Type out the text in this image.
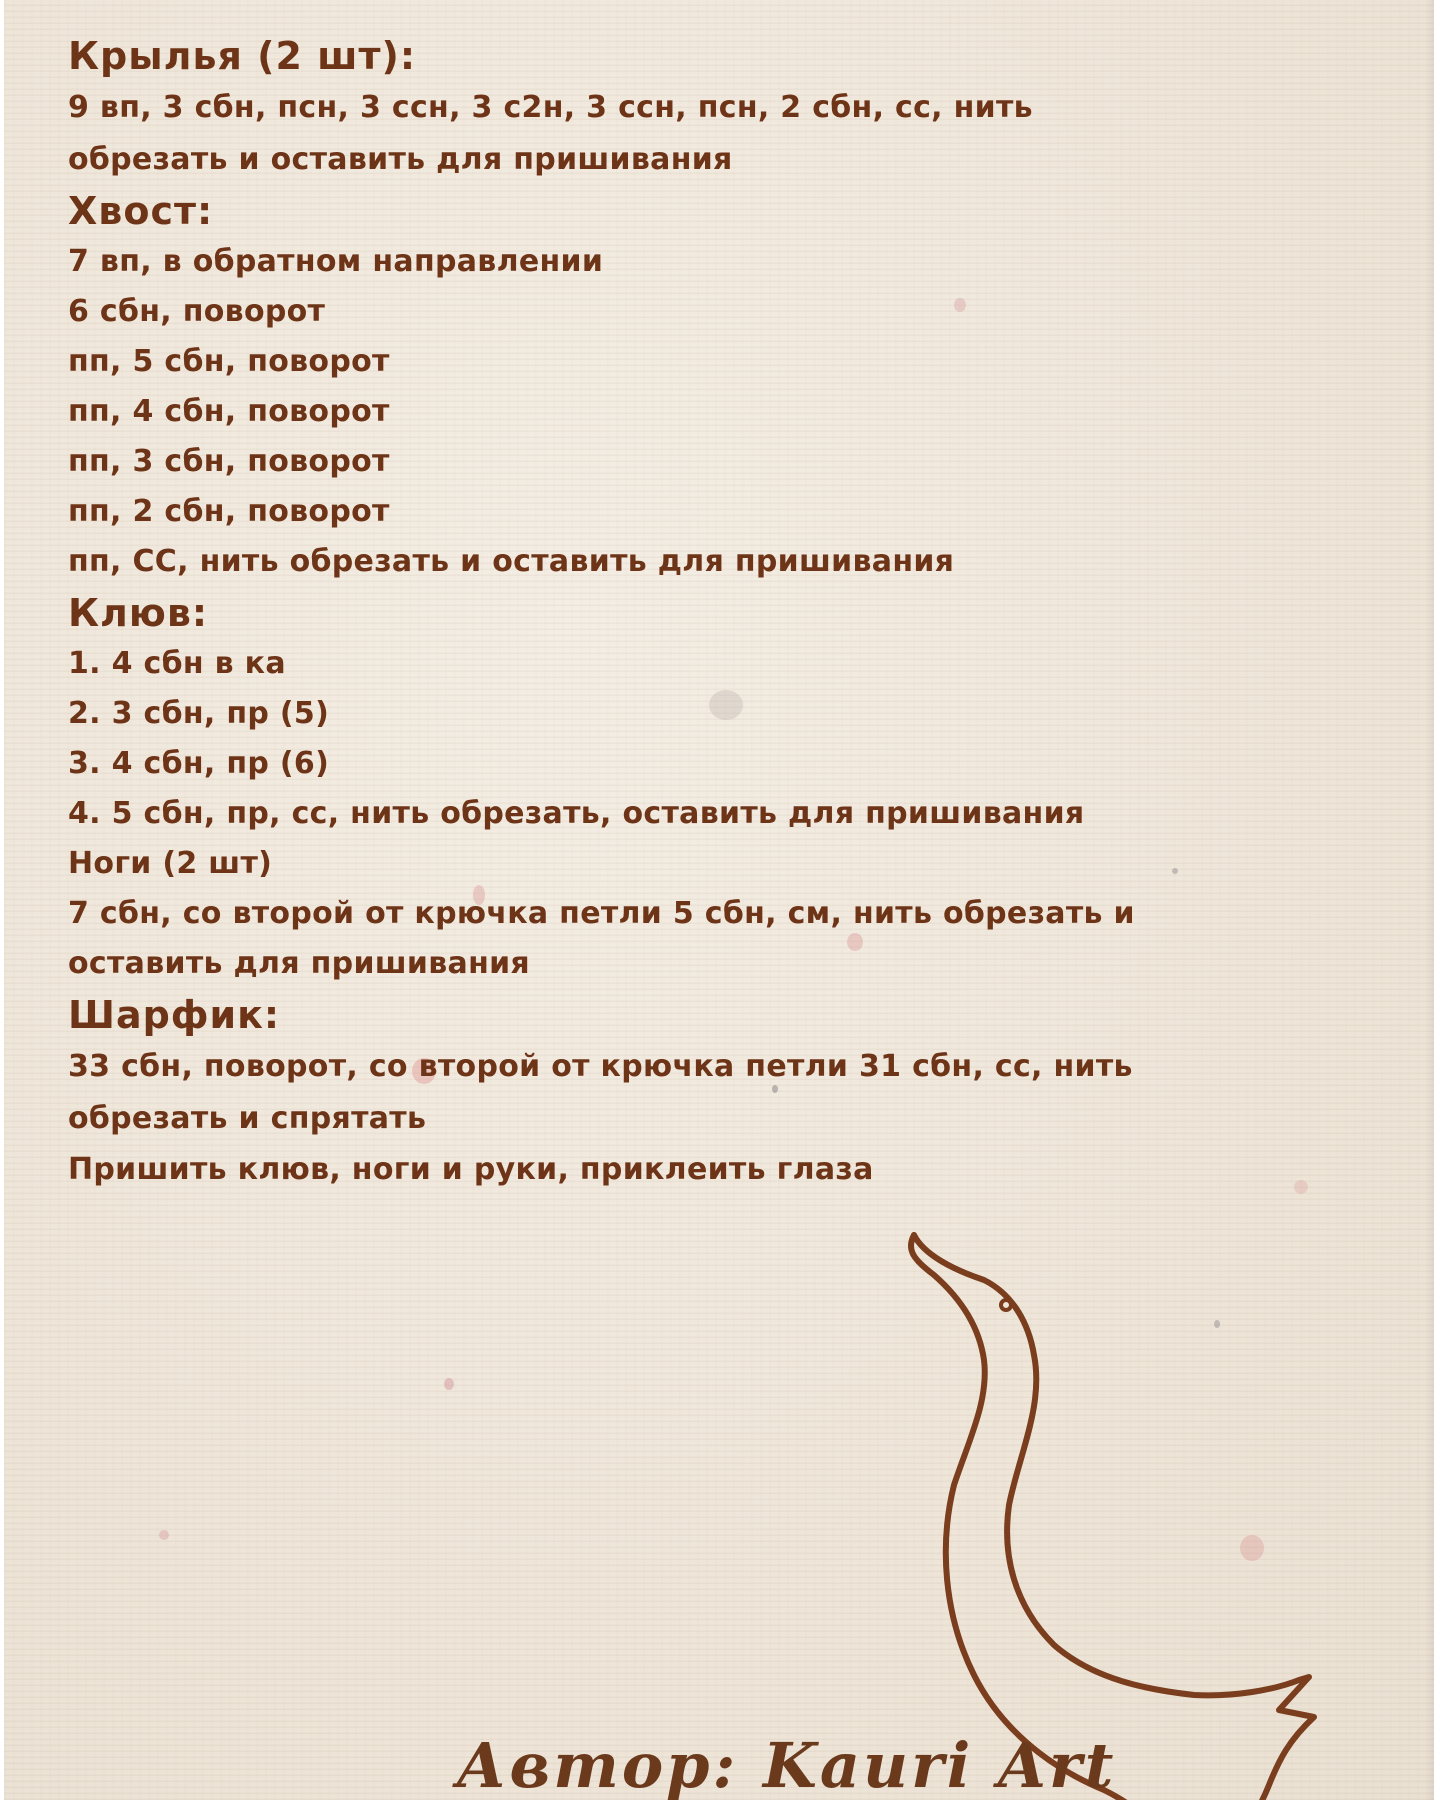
Крылья (2 шт):
9 вп, 3 сбн, псн, 3 ссн, 3 с2н, 3 ссн, псн, 2 сбн, сс, нить
обрезать и оставить для пришивания
Хвост:
7 вп, в обратном направлении
6 сбн, поворот
пп, 5 сбн, поворот
пп, 4 сбн, поворот
пп, 3 сбн, поворот
пп, 2 сбн, поворот
пп, СС, нить обрезать и оставить для пришивания
Клюв:
1. 4 сбн в ка
2. 3 сбн, пр (5)
3. 4 сбн, пр (6)
4. 5 сбн, пр, сс, нить обрезать, оставить для пришивания
Ноги (2 шт)
7 сбн, со второй от крючка петли 5 сбн, см, нить обрезать и
оставить для пришивания
Шарфик:
33 сбн, поворот, со второй от крючка петли 31 сбн, сс, нить
обрезать и спрятать
Пришить клюв, ноги и руки, приклеить глаза
Автор: Kauri Art
